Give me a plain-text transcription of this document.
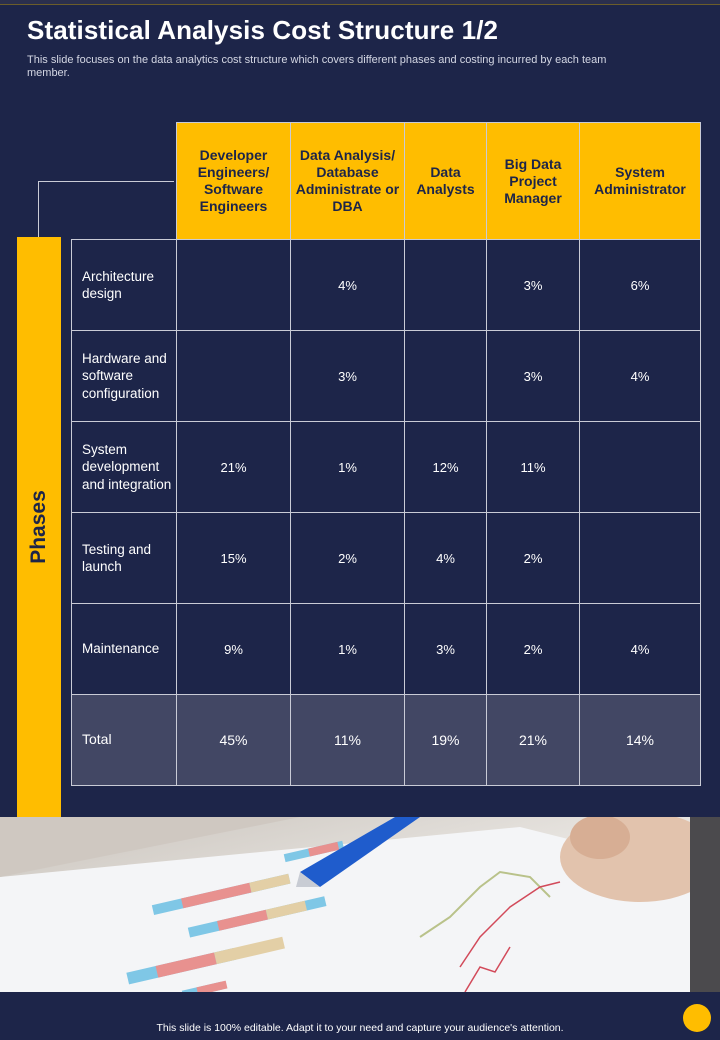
Statistical Analysis Cost Structure 1/2

This slide focuses on the data analytics cost structure which covers different phases and costing incurred by each team member.

Phases
	Developer Engineers/ Software Engineers	Data Analysis/ Database Administrate or DBA	Data Analysts	Big Data Project Manager	System Administrator
Architecture design		4%		3%	6%
Hardware and software configuration		3%		3%	4%
System development and integration	21%	1%	12%	11%	
Testing and launch	15%	2%	4%	2%	
Maintenance	9%	1%	3%	2%	4%
Total	45%	11%	19%	21%	14%

This slide is 100% editable. Adapt it to your need and capture your audience's attention.
